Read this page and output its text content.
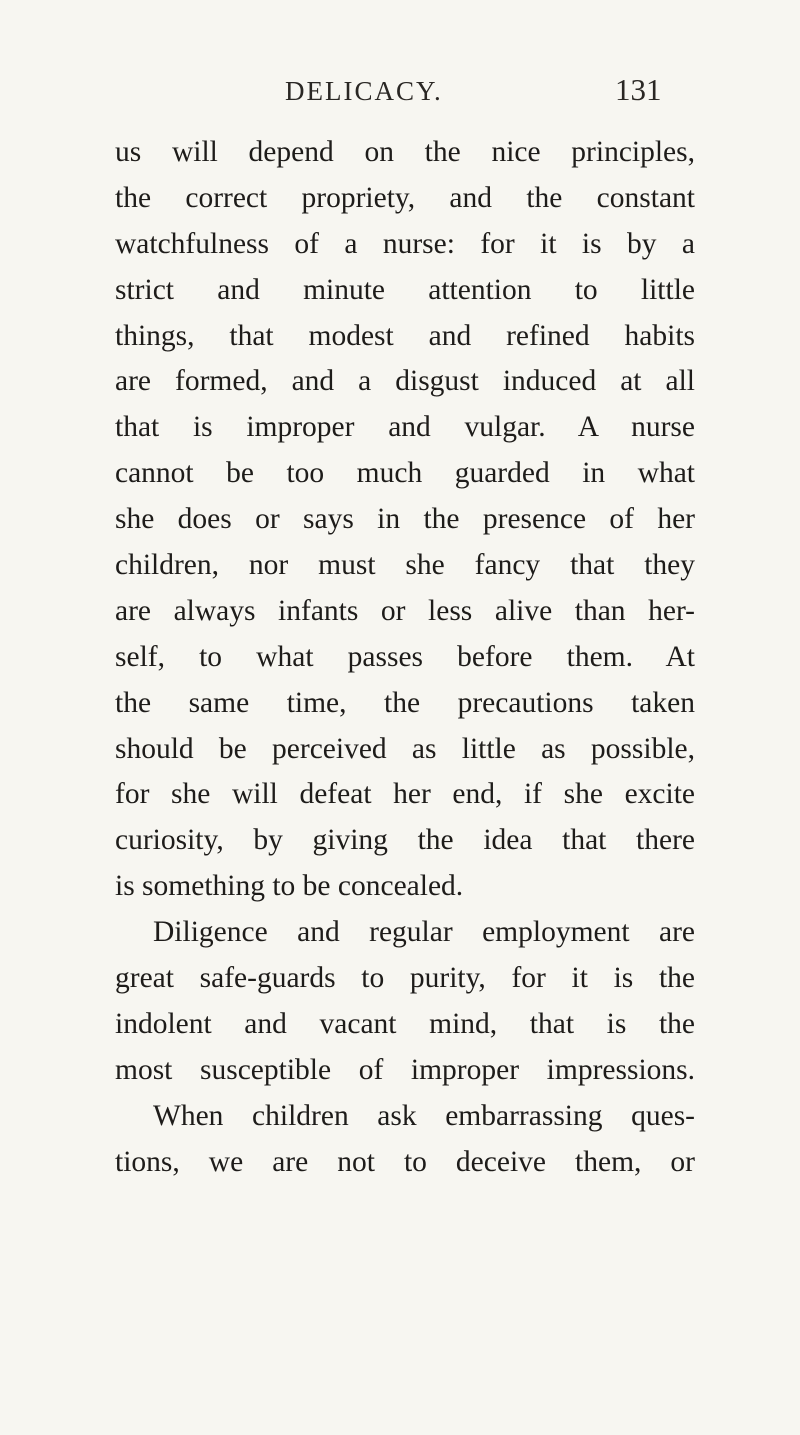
DELICACY.	131
us will depend on the nice principles,
the correct propriety, and the constant
watchfulness of a nurse: for it is by a
strict and minute attention to little
things, that modest and refined habits
are formed, and a disgust induced at all
that is improper and vulgar. A nurse
cannot be too much guarded in what
she does or says in the presence of her
children, nor must she fancy that they
are always infants or less alive than her-
self, to what passes before them. At
the same time, the precautions taken
should be perceived as little as possible,
for she will defeat her end, if she excite
curiosity, by giving the idea that there
is something to be concealed.
Diligence and regular employment are
great safe-guards to purity, for it is the
indolent and vacant mind, that is the
most susceptible of improper impressions.
When children ask embarrassing ques-
tions, we are not to deceive them, or
